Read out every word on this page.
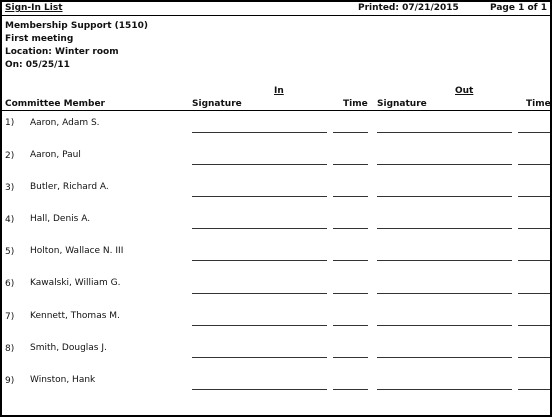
Sign-In List	Printed: 07/21/2015	Page 1 of 1
Membership Support (1510)
First meeting
Location: Winter room
On: 05/25/11
In	Out
Committee Member	Signature	Time Signature	Time
1) Aaron, Adam S.
2) Aaron, Paul
3) Butler, Richard A.
4) Hall, Denis A.
5) Holton, Wallace N. III
6) Kawalski, William G.
7) Kennett, Thomas M.
8) Smith, Douglas J.
9) Winston, Hank
